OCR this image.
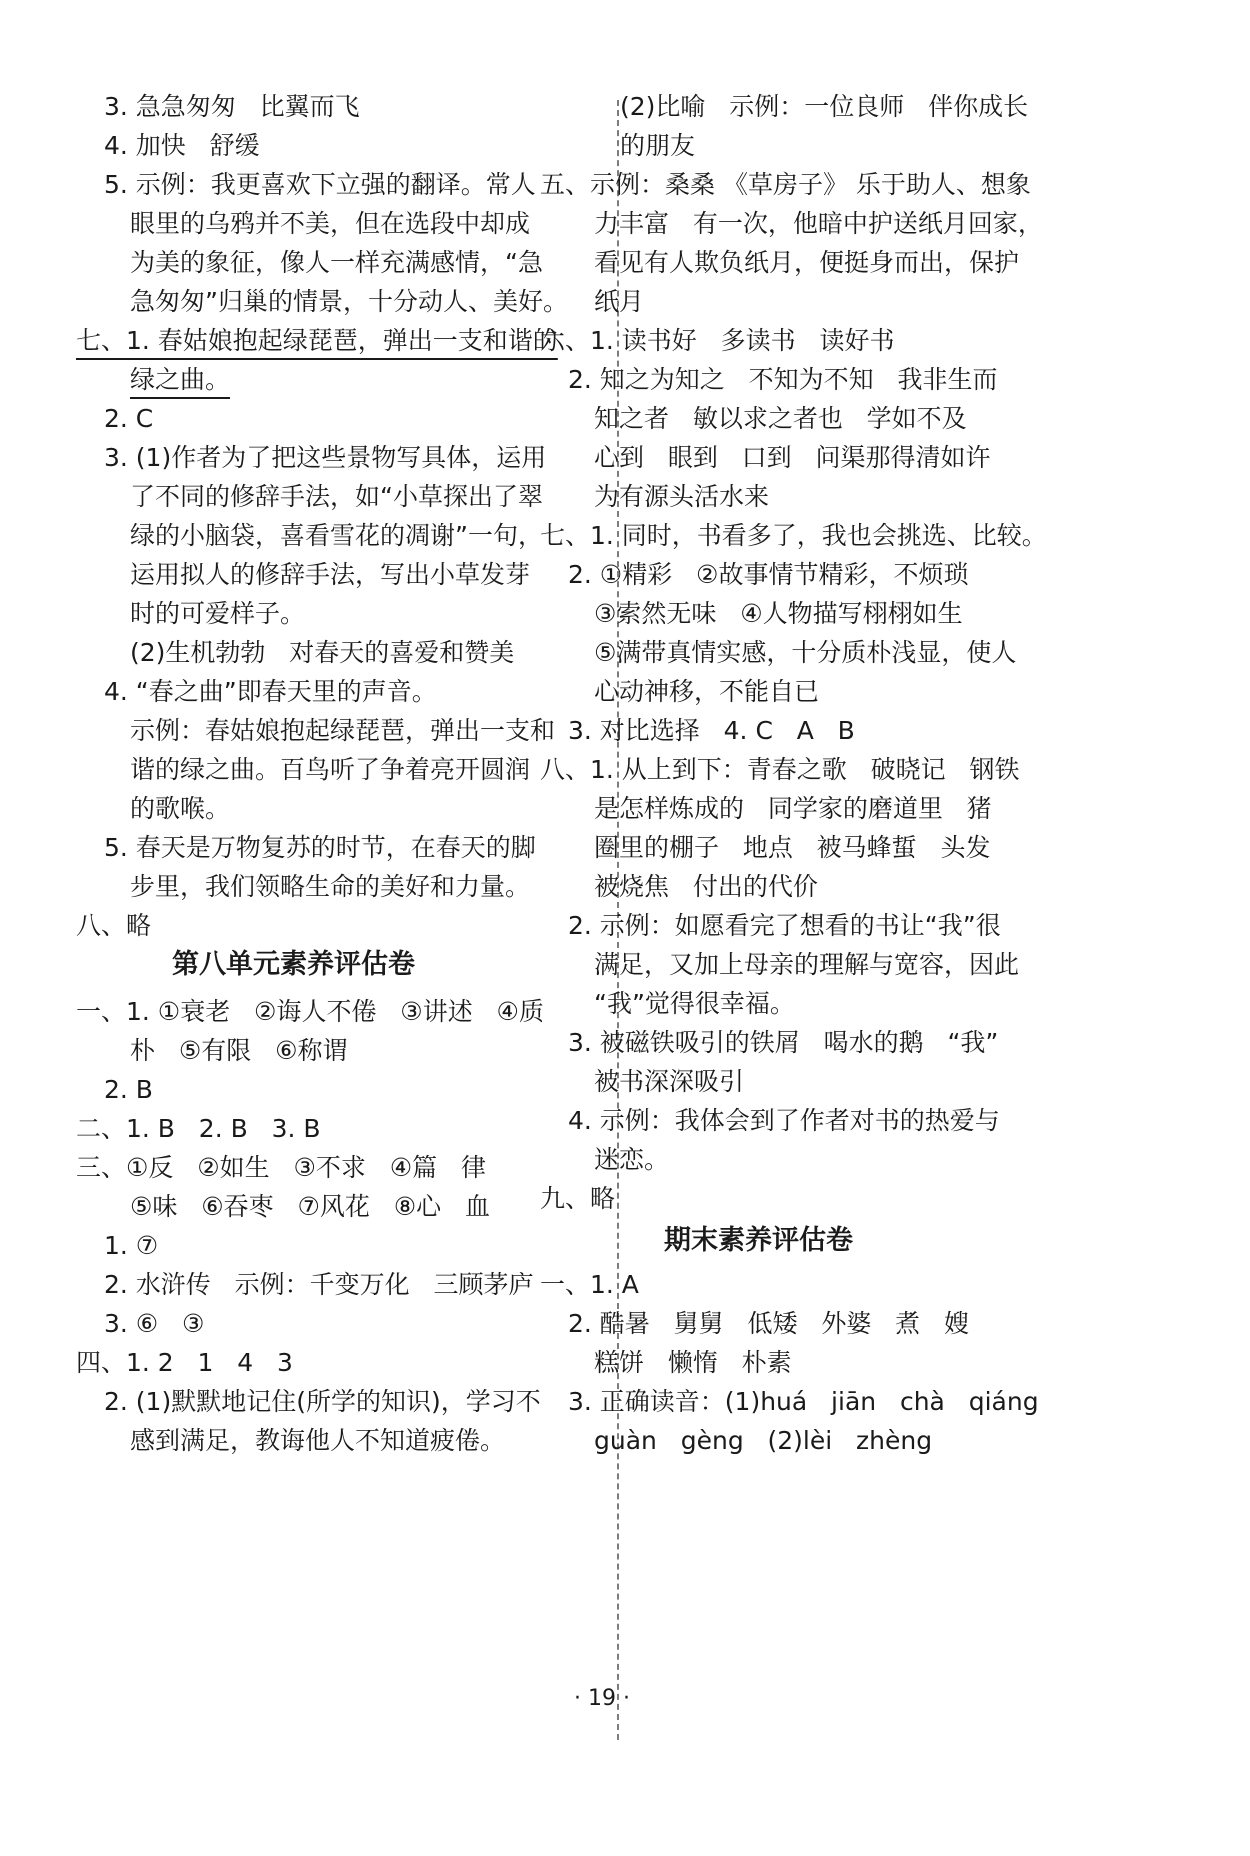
3. 急急匆匆   比翼而飞
4. 加快   舒缓
5. 示例：我更喜欢下立强的翻译。常人
眼里的乌鸦并不美，但在选段中却成
为美的象征，像人一样充满感情，“急
急匆匆”归巢的情景，十分动人、美好。
七、1. 春姑娘抱起绿琵琶，弹出一支和谐的
绿之曲。
2. C
3. (1)作者为了把这些景物写具体，运用
了不同的修辞手法，如“小草探出了翠
绿的小脑袋，喜看雪花的凋谢”一句，
运用拟人的修辞手法，写出小草发芽
时的可爱样子。
(2)生机勃勃   对春天的喜爱和赞美
4. “春之曲”即春天里的声音。
示例：春姑娘抱起绿琵琶，弹出一支和
谐的绿之曲。百鸟听了争着亮开圆润
的歌喉。
5. 春天是万物复苏的时节，在春天的脚
步里，我们领略生命的美好和力量。
八、略
第八单元素养评估卷
一、1. ①衰老   ②诲人不倦   ③讲述   ④质
朴   ⑤有限   ⑥称谓
2. B
二、1. B   2. B   3. B
三、①反   ②如生   ③不求   ④篇   律
⑤味   ⑥吞枣   ⑦风花   ⑧心   血
1. ⑦
2. 水浒传   示例：千变万化   三顾茅庐
3. ⑥   ③
四、1. 2   1   4   3
2. (1)默默地记住(所学的知识)，学习不
感到满足，教诲他人不知道疲倦。
(2)比喻   示例：一位良师   伴你成长
的朋友
五、示例：桑桑 《草房子》 乐于助人、想象
力丰富   有一次，他暗中护送纸月回家，
看见有人欺负纸月，便挺身而出，保护
纸月
六、1. 读书好   多读书   读好书
2. 知之为知之   不知为不知   我非生而
知之者   敏以求之者也   学如不及
心到   眼到   口到   问渠那得清如许
为有源头活水来
七、1. 同时，书看多了，我也会挑选、比较。
2. ①精彩   ②故事情节精彩，不烦琐
③索然无味   ④人物描写栩栩如生
⑤满带真情实感，十分质朴浅显，使人
心动神移，不能自已
3. 对比选择   4. C   A   B
八、1. 从上到下：青春之歌   破晓记   钢铁
是怎样炼成的   同学家的磨道里   猪
圈里的棚子   地点   被马蜂蜇   头发
被烧焦   付出的代价
2. 示例：如愿看完了想看的书让“我”很
满足，又加上母亲的理解与宽容，因此
“我”觉得很幸福。
3. 被磁铁吸引的铁屑   喝水的鹅   “我”
被书深深吸引
4. 示例：我体会到了作者对书的热爱与
迷恋。
九、略
期末素养评估卷
一、1. A
2. 酷暑   舅舅   低矮   外婆   煮   嫂
糕饼   懒惰   朴素
3. 正确读音：(1)huá   jiān   chà   qiáng
guàn   gèng   (2)lèi   zhèng
· 19 ·
